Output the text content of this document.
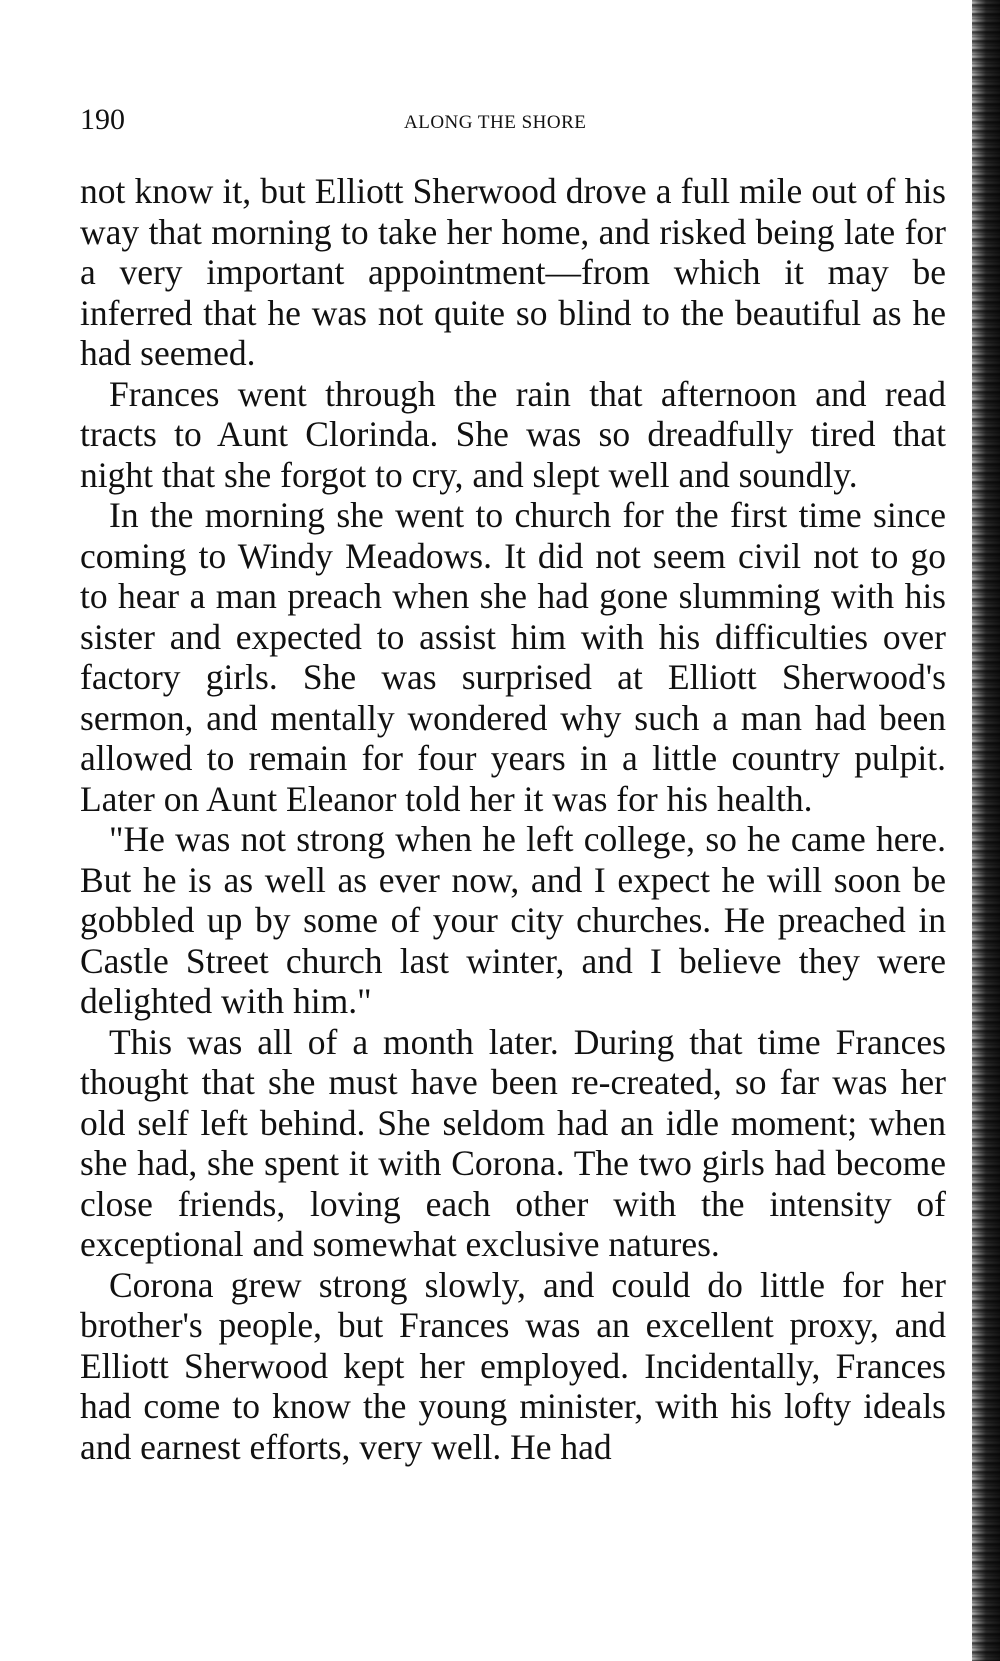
190	ALONG THE SHORE

not know it, but Elliott Sherwood drove a full mile out of his way that morning to take her home, and risked being late for a very important appointment—from which it may be inferred that he was not quite so blind to the beautiful as he had seemed.

Frances went through the rain that afternoon and read tracts to Aunt Clorinda. She was so dreadfully tired that night that she forgot to cry, and slept well and soundly.

In the morning she went to church for the first time since coming to Windy Meadows. It did not seem civil not to go to hear a man preach when she had gone slumming with his sister and expected to assist him with his difficulties over factory girls. She was surprised at Elliott Sherwood's sermon, and mentally wondered why such a man had been allowed to remain for four years in a little country pulpit. Later on Aunt Eleanor told her it was for his health.

"He was not strong when he left college, so he came here. But he is as well as ever now, and I expect he will soon be gobbled up by some of your city churches. He preached in Castle Street church last winter, and I believe they were delighted with him."

This was all of a month later. During that time Frances thought that she must have been re-created, so far was her old self left behind. She seldom had an idle moment; when she had, she spent it with Corona. The two girls had become close friends, loving each other with the intensity of exceptional and somewhat exclusive natures.

Corona grew strong slowly, and could do little for her brother's people, but Frances was an excellent proxy, and Elliott Sherwood kept her employed. Incidentally, Frances had come to know the young minister, with his lofty ideals and earnest efforts, very well. He had
